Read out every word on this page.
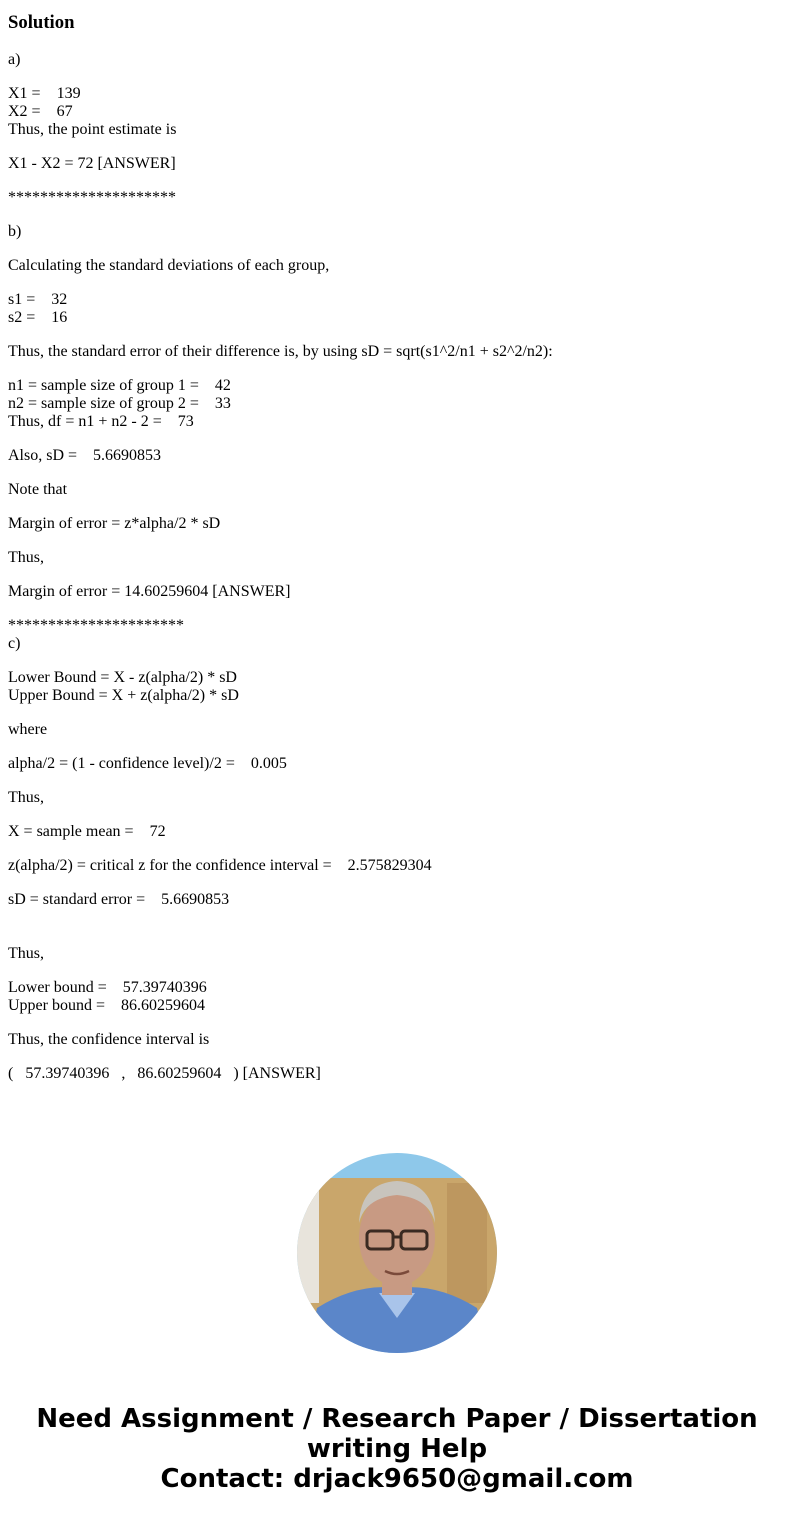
Solution
a)
X1 =    139
X2 =    67
Thus, the point estimate is
X1 - X2 = 72 [ANSWER]
*********************
b)
Calculating the standard deviations of each group,
s1 =    32
s2 =    16
Thus, the standard error of their difference is, by using sD = sqrt(s1^2/n1 + s2^2/n2):
n1 = sample size of group 1 =    42
n2 = sample size of group 2 =    33
Thus, df = n1 + n2 - 2 =    73
Also, sD =    5.6690853
Note that
Margin of error = z*alpha/2 * sD
Thus,
Margin of error = 14.60259604 [ANSWER]
**********************
c)
Lower Bound = X - z(alpha/2) * sD
Upper Bound = X + z(alpha/2) * sD
where
alpha/2 = (1 - confidence level)/2 =    0.005
Thus,
X = sample mean =    72
z(alpha/2) = critical z for the confidence interval =    2.575829304
sD = standard error =    5.6690853
Thus,
Lower bound =    57.39740396
Upper bound =    86.60259604
Thus, the confidence interval is
(   57.39740396   ,   86.60259604   ) [ANSWER]
Need Assignment / Research Paper / Dissertation
writing Help
Contact: drjack9650@gmail.com
